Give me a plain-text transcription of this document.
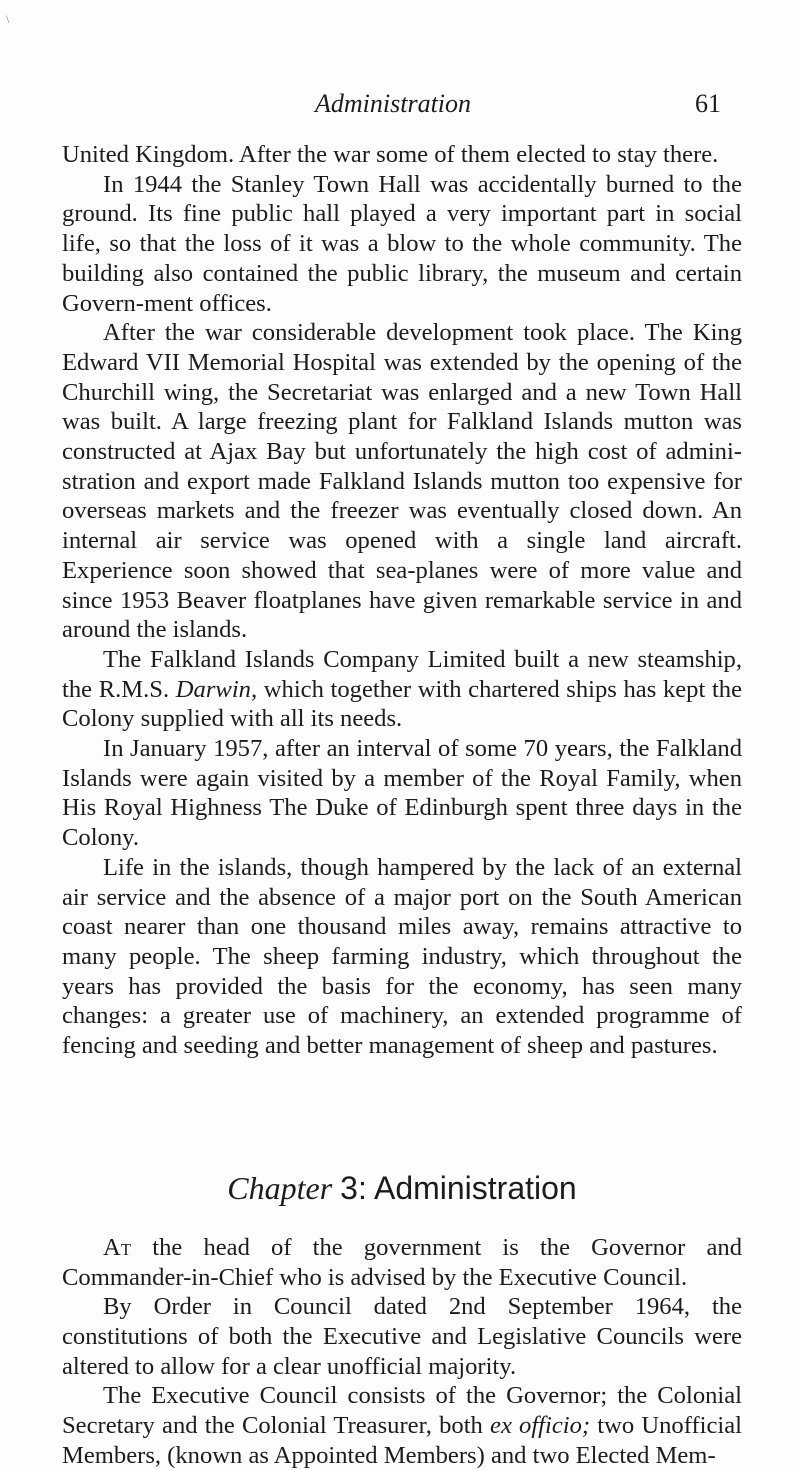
\
Administration	61

United Kingdom. After the war some of them elected to stay there.

In 1944 the Stanley Town Hall was accidentally burned to the ground. Its fine public hall played a very important part in social life, so that the loss of it was a blow to the whole community. The building also contained the public library, the museum and certain Govern-ment offices.

After the war considerable development took place. The King Edward VII Memorial Hospital was extended by the opening of the Churchill wing, the Secretariat was enlarged and a new Town Hall was built. A large freezing plant for Falkland Islands mutton was constructed at Ajax Bay but unfortunately the high cost of admini-stration and export made Falkland Islands mutton too expensive for overseas markets and the freezer was eventually closed down. An internal air service was opened with a single land aircraft. Experience soon showed that sea-planes were of more value and since 1953 Beaver floatplanes have given remarkable service in and around the islands.

The Falkland Islands Company Limited built a new steamship, the R.M.S. Darwin, which together with chartered ships has kept the Colony supplied with all its needs.

In January 1957, after an interval of some 70 years, the Falkland Islands were again visited by a member of the Royal Family, when His Royal Highness The Duke of Edinburgh spent three days in the Colony.

Life in the islands, though hampered by the lack of an external air service and the absence of a major port on the South American coast nearer than one thousand miles away, remains attractive to many people. The sheep farming industry, which throughout the years has provided the basis for the economy, has seen many changes: a greater use of machinery, an extended programme of fencing and seeding and better management of sheep and pastures.

Chapter 3: Administration

At the head of the government is the Governor and Commander-in-Chief who is advised by the Executive Council.

By Order in Council dated 2nd September 1964, the constitutions of both the Executive and Legislative Councils were altered to allow for a clear unofficial majority.

The Executive Council consists of the Governor; the Colonial Secretary and the Colonial Treasurer, both ex officio; two Unofficial Members, (known as Appointed Members) and two Elected Mem-
